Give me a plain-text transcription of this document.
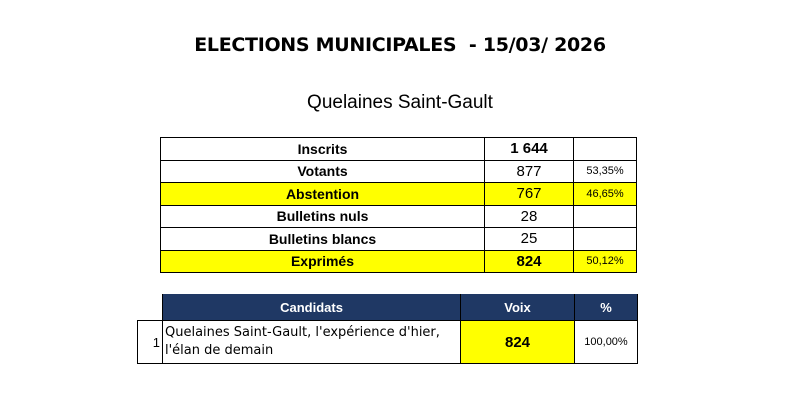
ELECTIONS MUNICIPALES  - 15/03/ 2026
Quelaines Saint-Gault
Inscrits	1 644	
Votants	877	53,35%
Abstention	767	46,65%
Bulletins nuls	28	
Bulletins blancs	25	
Exprimés	824	50,12%
	Candidats	Voix	%
1	Quelaines Saint-Gault, l'expérience d'hier, l'élan de demain	824	100,00%
